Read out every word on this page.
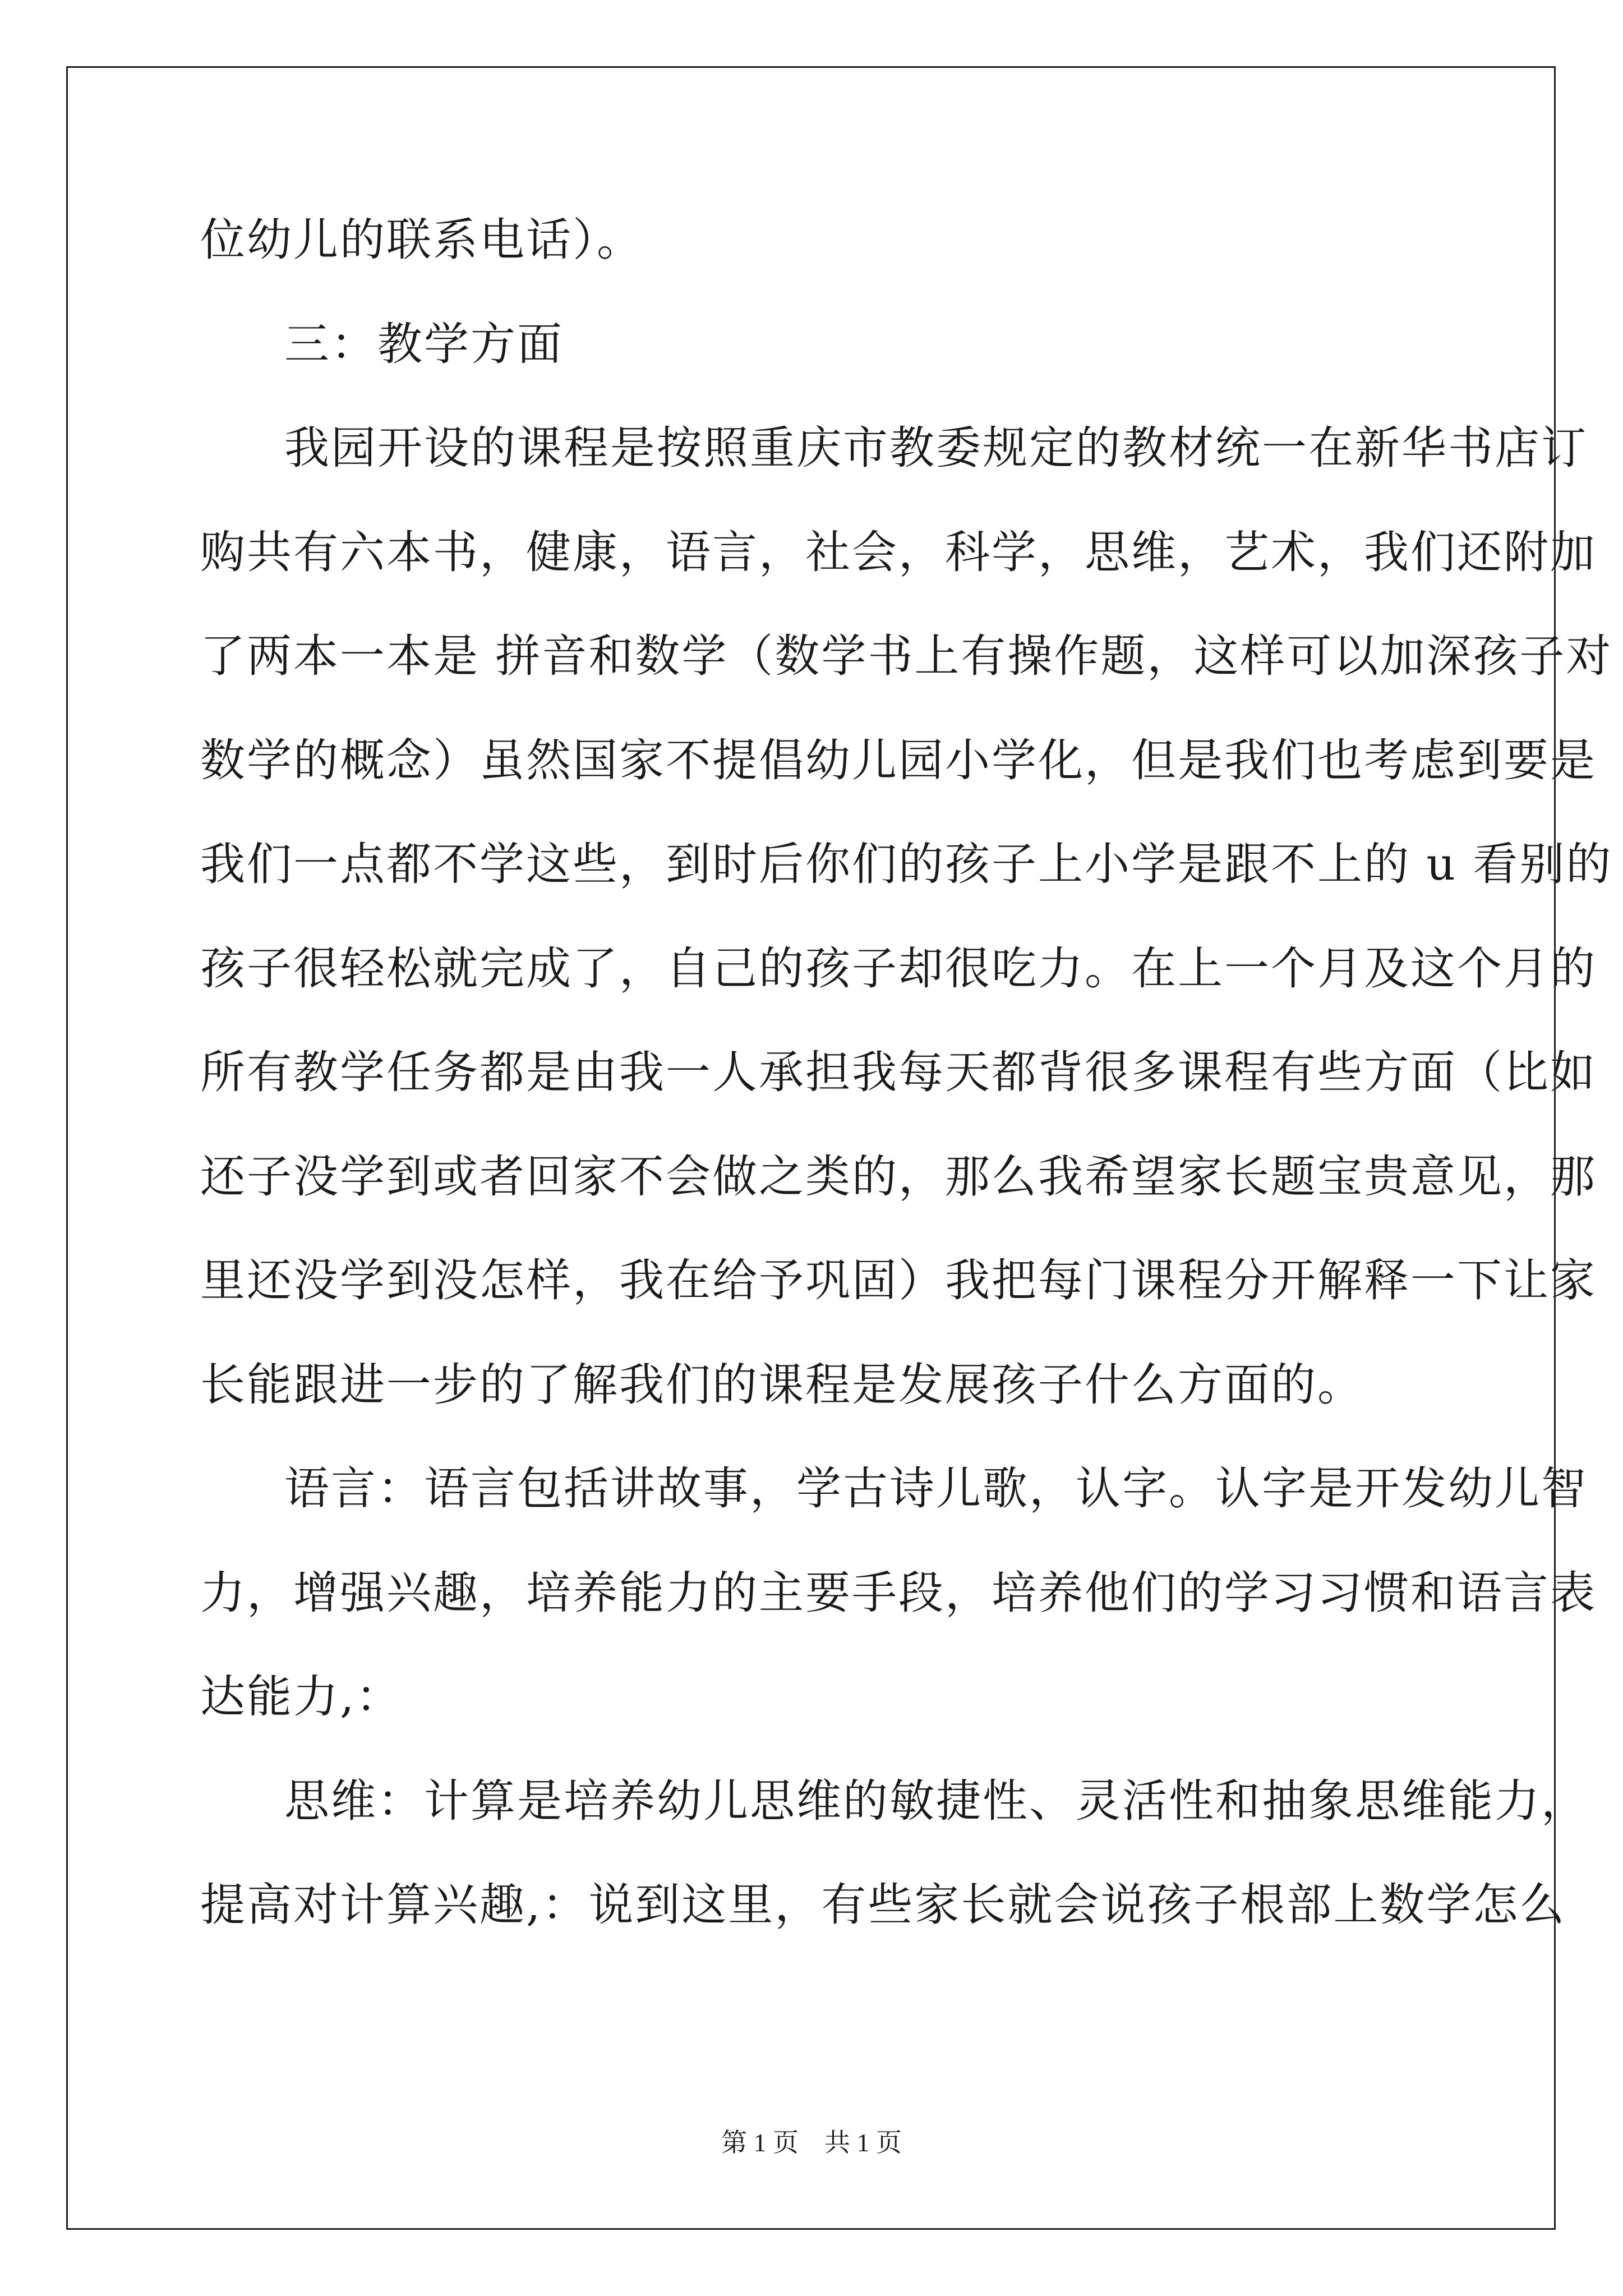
位幼儿的联系电话）。
三：教学方面
我园开设的课程是按照重庆市教委规定的教材统一在新华书店订
购共有六本书，健康，语言，社会，科学，思维，艺术，我们还附加
了两本一本是 拼音和数学（数学书上有操作题，这样可以加深孩子对
数学的概念）虽然国家不提倡幼儿园小学化，但是我们也考虑到要是
我们一点都不学这些，到时后你们的孩子上小学是跟不上的 u 看别的
孩子很轻松就完成了，自己的孩子却很吃力。在上一个月及这个月的
所有教学任务都是由我一人承担我每天都背很多课程有些方面（比如
还子没学到或者回家不会做之类的，那么我希望家长题宝贵意见，那
里还没学到没怎样，我在给予巩固）我把每门课程分开解释一下让家
长能跟进一步的了解我们的课程是发展孩子什么方面的。
语言：语言包括讲故事，学古诗儿歌，认字。认字是开发幼儿智
力，增强兴趣，培养能力的主要手段，培养他们的学习习惯和语言表
达能力,：
思维：计算是培养幼儿思维的敏捷性、灵活性和抽象思维能力，
提高对计算兴趣,：说到这里，有些家长就会说孩子根部上数学怎么
第 1 页 共 1 页
